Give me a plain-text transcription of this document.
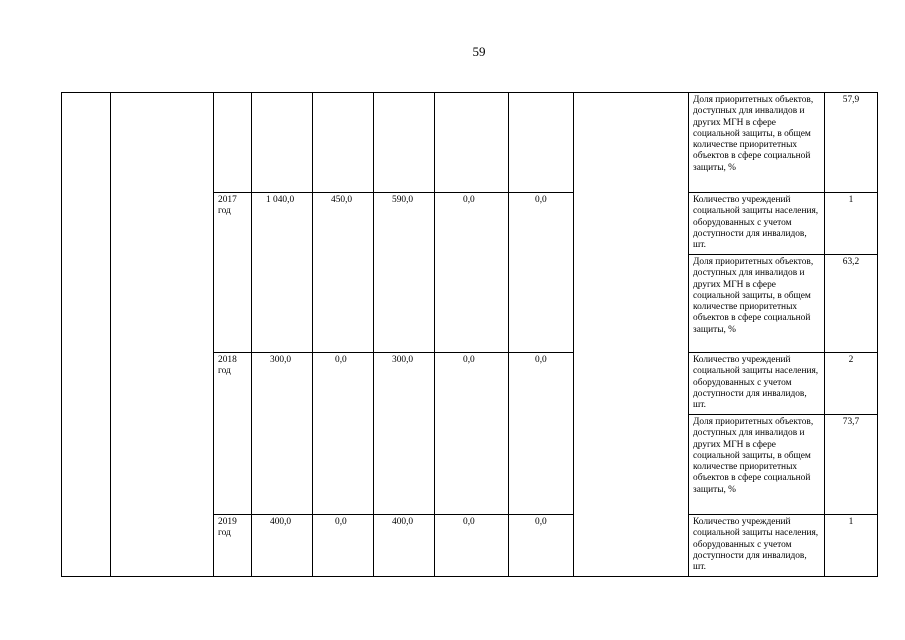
59
									Доля приоритетных объектов, доступных для инвалидов и других МГН в сфере социальной защиты, в общем количестве приоритетных объектов в сфере социальной защиты, %	57,9
		2017 год	1 040,0	450,0	590,0	0,0	0,0		Количество учреждений социальной защиты населения, оборудованных с учетом доступности для инвалидов, шт.	1
									Доля приоритетных объектов, доступных для инвалидов и других МГН в сфере социальной защиты, в общем количестве приоритетных объектов в сфере социальной защиты, %	63,2
		2018 год	300,0	0,0	300,0	0,0	0,0		Количество учреждений социальной защиты населения, оборудованных с учетом доступности для инвалидов, шт.	2
									Доля приоритетных объектов, доступных для инвалидов и других МГН в сфере социальной защиты, в общем количестве приоритетных объектов в сфере социальной защиты, %	73,7
		2019 год	400,0	0,0	400,0	0,0	0,0		Количество учреждений социальной защиты населения, оборудованных с учетом доступности для инвалидов, шт.	1
